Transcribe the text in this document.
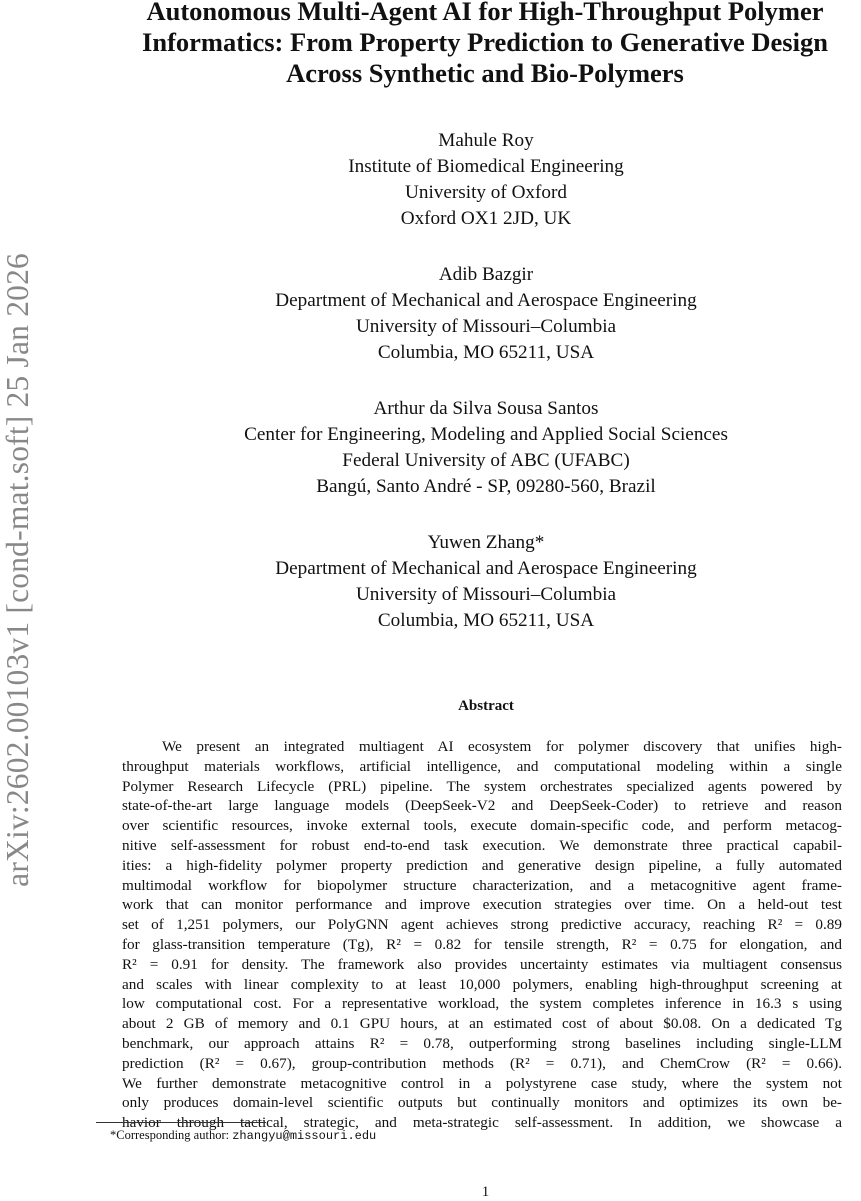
arXiv:2602.00103v1 [cond-mat.soft] 25 Jan 2026
Autonomous Multi-Agent AI for High-Throughput Polymer
Informatics: From Property Prediction to Generative Design
Across Synthetic and Bio-Polymers
Mahule Roy
Institute of Biomedical Engineering
University of Oxford
Oxford OX1 2JD, UK
Adib Bazgir
Department of Mechanical and Aerospace Engineering
University of Missouri–Columbia
Columbia, MO 65211, USA
Arthur da Silva Sousa Santos
Center for Engineering, Modeling and Applied Social Sciences
Federal University of ABC (UFABC)
Bangú, Santo André - SP, 09280-560, Brazil
Yuwen Zhang*
Department of Mechanical and Aerospace Engineering
University of Missouri–Columbia
Columbia, MO 65211, USA
Abstract
We present an integrated multiagent AI ecosystem for polymer discovery that unifies high-
throughput materials workflows, artificial intelligence, and computational modeling within a single
Polymer Research Lifecycle (PRL) pipeline. The system orchestrates specialized agents powered by
state-of-the-art large language models (DeepSeek-V2 and DeepSeek-Coder) to retrieve and reason
over scientific resources, invoke external tools, execute domain-specific code, and perform metacog-
nitive self-assessment for robust end-to-end task execution. We demonstrate three practical capabil-
ities: a high-fidelity polymer property prediction and generative design pipeline, a fully automated
multimodal workflow for biopolymer structure characterization, and a metacognitive agent frame-
work that can monitor performance and improve execution strategies over time. On a held-out test
set of 1,251 polymers, our PolyGNN agent achieves strong predictive accuracy, reaching R² = 0.89
for glass-transition temperature (Tg), R² = 0.82 for tensile strength, R² = 0.75 for elongation, and
R² = 0.91 for density. The framework also provides uncertainty estimates via multiagent consensus
and scales with linear complexity to at least 10,000 polymers, enabling high-throughput screening at
low computational cost. For a representative workload, the system completes inference in 16.3 s using
about 2 GB of memory and 0.1 GPU hours, at an estimated cost of about $0.08. On a dedicated Tg
benchmark, our approach attains R² = 0.78, outperforming strong baselines including single-LLM
prediction (R² = 0.67), group-contribution methods (R² = 0.71), and ChemCrow (R² = 0.66).
We further demonstrate metacognitive control in a polystyrene case study, where the system not
only produces domain-level scientific outputs but continually monitors and optimizes its own be-
havior through tactical, strategic, and meta-strategic self-assessment. In addition, we showcase a
*Corresponding author: zhangyu@missouri.edu
1
